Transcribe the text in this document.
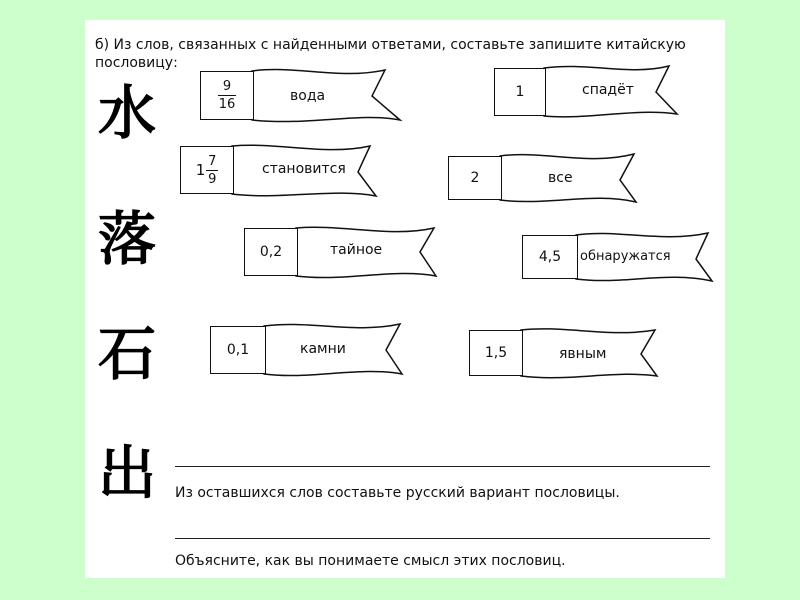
б) Из слов, связанных с найденными ответами, составьте запишите китайскую пословицу:
水
落
石
出
$\frac{9}{16}$	вода	1	спадёт
$1 \frac{7}{9}$	становится
2	все
0,2	тайное	4,5	обнаружатся
0,1	камни	1,5	явным
Из оставшихся слов составьте русский вариант пословицы.
Объясните, как вы понимаете смысл этих пословиц.
